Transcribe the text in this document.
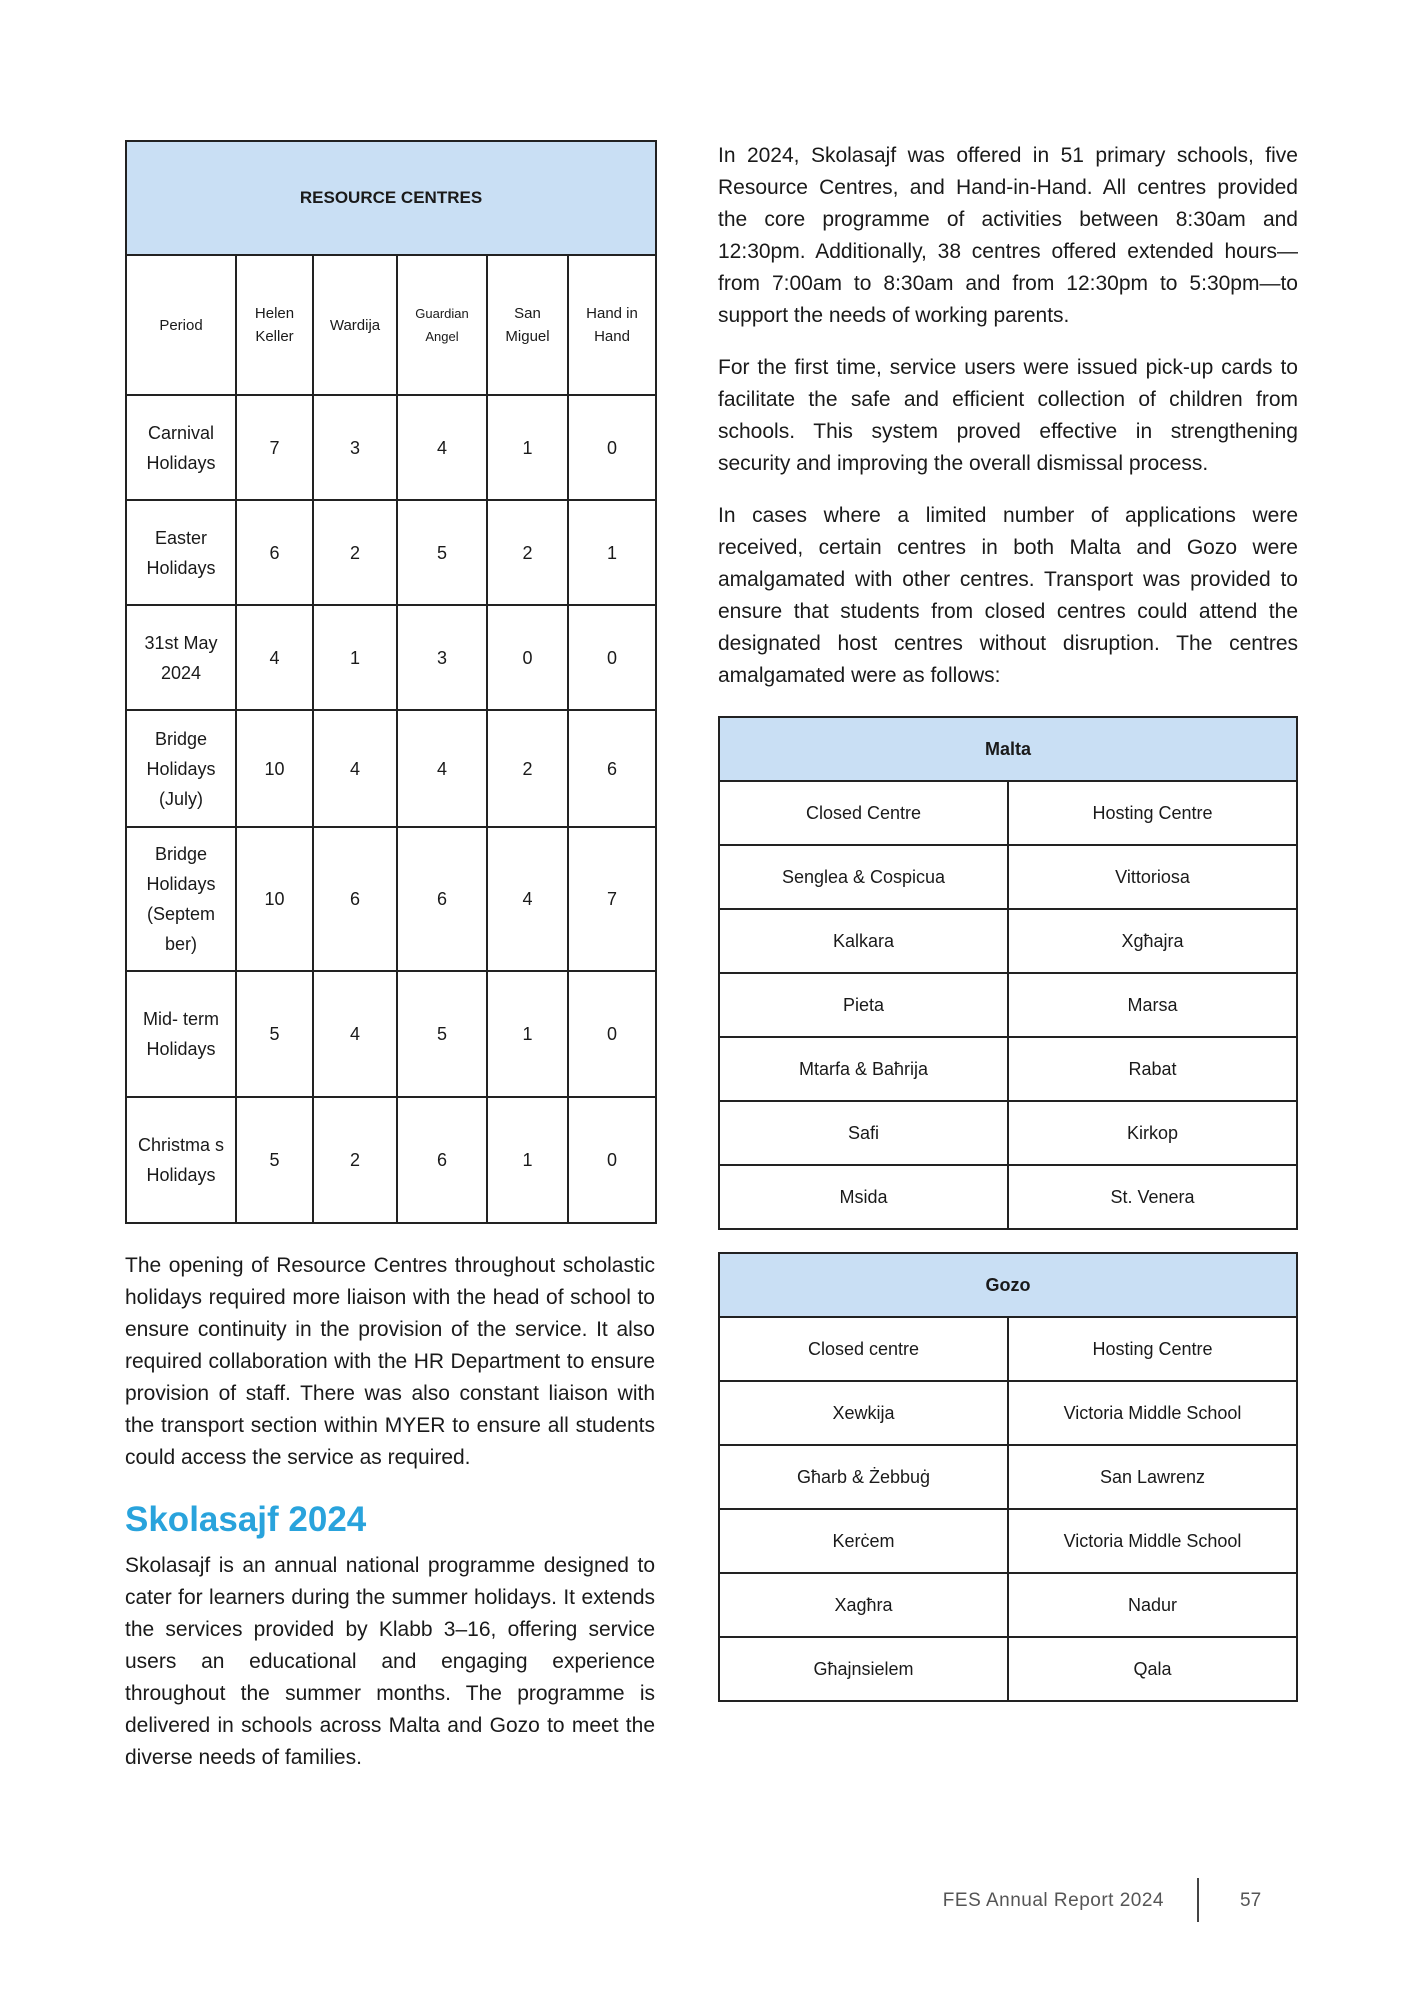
RESOURCE CENTRES					
Period	Helen Keller	Wardija	Guardian Angel	San Miguel	Hand in Hand
Carnival Holidays	7	3	4	1	0
Easter Holidays	6	2	5	2	1
31st May 2024	4	1	3	0	0
Bridge Holidays (July)	10	4	4	2	6
Bridge Holidays (Septem ber)	10	6	6	4	7
Mid- term Holidays	5	4	5	1	0
Christma s Holidays	5	2	6	1	0

The opening of Resource Centres throughout scholastic holidays required more liaison with the head of school to ensure continuity in the provision of the service. It also required collaboration with the HR Department to ensure provision of staff. There was also constant liaison with the transport section within MYER to ensure all students could access the service as required.

Skolasajf 2024

Skolasajf is an annual national programme designed to cater for learners during the summer holidays. It extends the services provided by Klabb 3–16, offering service users an educational and engaging experience throughout the summer months. The programme is delivered in schools across Malta and Gozo to meet the diverse needs of families.

In 2024, Skolasajf was offered in 51 primary schools, five Resource Centres, and Hand-in-Hand. All centres provided the core programme of activities between 8:30am and 12:30pm. Additionally, 38 centres offered extended hours—from 7:00am to 8:30am and from 12:30pm to 5:30pm—to support the needs of working parents.

For the first time, service users were issued pick-up cards to facilitate the safe and efficient collection of children from schools. This system proved effective in strengthening security and improving the overall dismissal process.

In cases where a limited number of applications were received, certain centres in both Malta and Gozo were amalgamated with other centres. Transport was provided to ensure that students from closed centres could attend the designated host centres without disruption. The centres amalgamated were as follows:

Malta	
Closed Centre	Hosting Centre
Senglea & Cospicua	Vittoriosa
Kalkara	Xgħajra
Pieta	Marsa
Mtarfa & Baħrija	Rabat
Safi	Kirkop
Msida	St. Venera
Gozo	
Closed centre	Hosting Centre
Xewkija	Victoria Middle School
Għarb & Żebbuġ	San Lawrenz
Kerċem	Victoria Middle School
Xagħra	Nadur
Għajnsielem	Qala
FES Annual Report 2024	57
